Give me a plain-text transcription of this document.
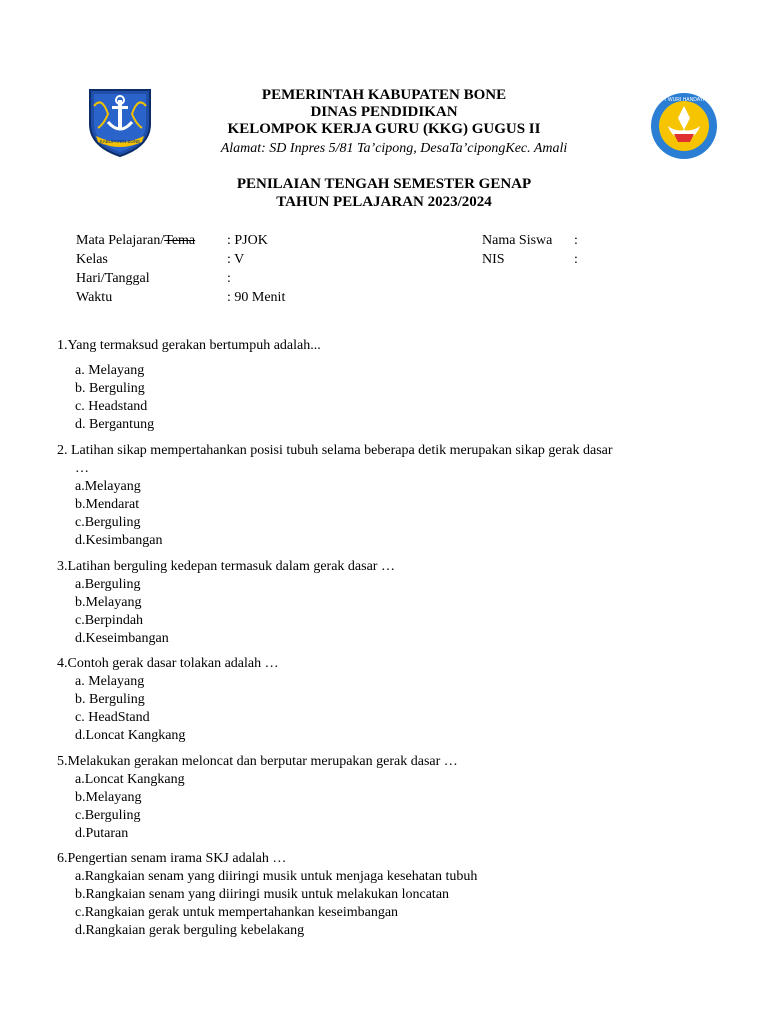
KABUPATEN BONE
TUT WURI HANDAYANI
PEMERINTAH KABUPATEN BONE
DINAS PENDIDIKAN
KELOMPOK KERJA GURU (KKG) GUGUS II
Alamat: SD Inpres 5/81 Ta’cipong, DesaTa’cipongKec. Amali
PENILAIAN TENGAH SEMESTER GENAP
TAHUN PELAJARAN 2023/2024
Mata Pelajaran/Tema : PJOK
Kelas	: V
Hari/Tanggal	:
Waktu	: 90 Menit
Nama Siswa :
NIS	:
1.Yang termaksud gerakan bertumpuh adalah...
a. Melayang
b. Berguling
c. Headstand
d. Bergantung
2. Latihan sikap mempertahankan posisi tubuh selama beberapa detik merupakan sikap gerak dasar
…
a.Melayang
b.Mendarat
c.Berguling
d.Kesimbangan
3.Latihan berguling kedepan termasuk dalam gerak dasar …
a.Berguling
b.Melayang
c.Berpindah
d.Keseimbangan
4.Contoh gerak dasar tolakan adalah …
a. Melayang
b. Berguling
c. HeadStand
d.Loncat Kangkang
5.Melakukan gerakan meloncat dan berputar merupakan gerak dasar …
a.Loncat Kangkang
b.Melayang
c.Berguling
d.Putaran
6.Pengertian senam irama SKJ adalah …
a.Rangkaian senam yang diiringi musik untuk menjaga kesehatan tubuh
b.Rangkaian senam yang diiringi musik untuk melakukan loncatan
c.Rangkaian gerak untuk mempertahankan keseimbangan
d.Rangkaian gerak berguling kebelakang
